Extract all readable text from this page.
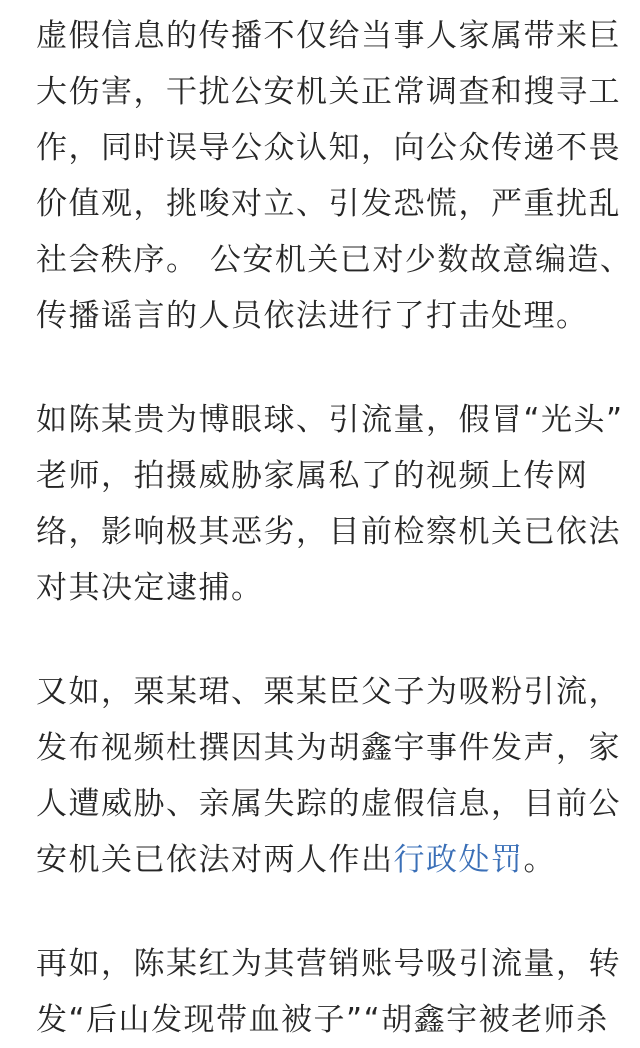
虚假信息的传播不仅给当事人家属带来巨
大伤害，干扰公安机关正常调查和搜寻工
作，同时误导公众认知，向公众传递不畏
价值观，挑唆对立、引发恐慌，严重扰乱
社会秩序。 公安机关已对少数故意编造、
传播谣言的人员依法进行了打击处理。

如陈某贵为博眼球、引流量，假冒“光头”
老师，拍摄威胁家属私了的视频上传网
络，影响极其恶劣，目前检察机关已依法
对其决定逮捕。

又如，栗某珺、栗某臣父子为吸粉引流，
发布视频杜撰因其为胡鑫宇事件发声，家
人遭威胁、亲属失踪的虚假信息，目前公
安机关已依法对两人作出行政处罚。

再如，陈某红为其营销账号吸引流量，转
发“后山发现带血被子”“胡鑫宇被老师杀
